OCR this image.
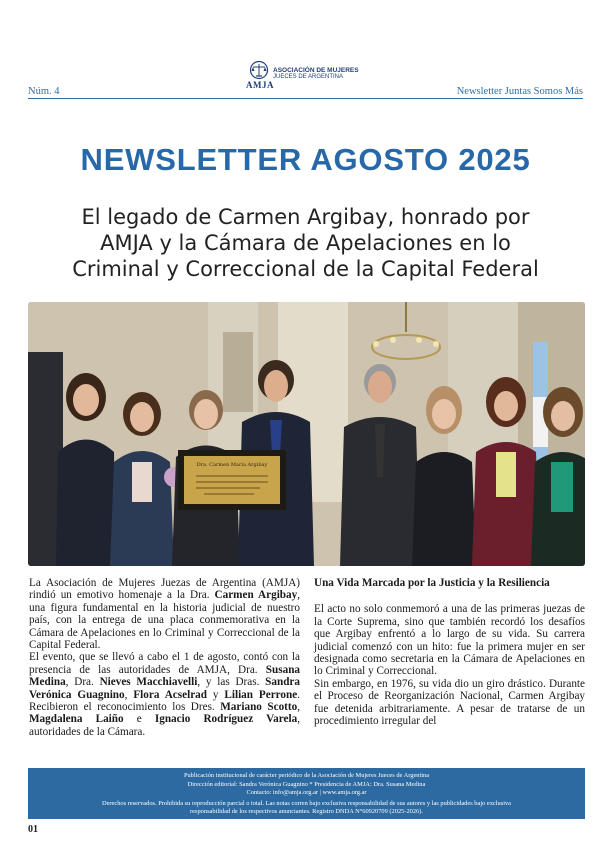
AMJA
ASOCIACIÓN DE MUJERES
JUECES DE ARGENTINA
Núm. 4	Newsletter Juntas Somos Más
NEWSLETTER AGOSTO 2025
El legado de Carmen Argibay, honrado por
AMJA y la Cámara de Apelaciones en lo
Criminal y Correccional de la Capital Federal
Dra. Carmen María Argibay

La Asociación de Mujeres Juezas de Argentina (AMJA) rindió un emotivo homenaje a la Dra. Carmen Argibay, una figura fundamental en la historia judicial de nuestro país, con la entrega de una placa conmemorativa en la Cámara de Apelaciones en lo Criminal y Correccional de la Capital Federal.

El evento, que se llevó a cabo el 1 de agosto, contó con la presencia de las autoridades de AMJA, Dra. Susana Medina, Dra. Nieves Macchiavelli, y las Dras. Sandra Verónica Guagnino, Flora Acselrad y Lilian Perrone. Recibieron el reconocimiento los Dres. Mariano Scotto, Magdalena Laiño e Ignacio Rodríguez Varela, autoridades de la Cámara.

Una Vida Marcada por la Justicia y la Resiliencia

El acto no solo conmemoró a una de las primeras juezas de la Corte Suprema, sino que también recordó los desafíos que Argibay enfrentó a lo largo de su vida. Su carrera judicial comenzó con un hito: fue la primera mujer en ser designada como secretaria en la Cámara de Apelaciones en lo Criminal y Correccional.

Sin embargo, en 1976, su vida dio un giro drástico. Durante el Proceso de Reorganización Nacional, Carmen Argibay fue detenida arbitrariamente. A pesar de tratarse de un procedimiento irregular del

Publicación institucional de carácter periódico de la Asociación de Mujeres Jueces de Argentina
Dirección editorial: Sandra Verónica Guagnino * Presidencia de AMJA: Dra. Susana Medina
Contacto: info@amja.org.ar | www.amja.org.ar
Derechos reservados. Prohibida su reproducción parcial o total. Las notas corren bajo exclusiva responsabilidad de sus autores y las publicidades bajo exclusiva
responsabilidad de los respectivos anunciantes. Registro DNDA N°60920709 (2025-2026).
01
